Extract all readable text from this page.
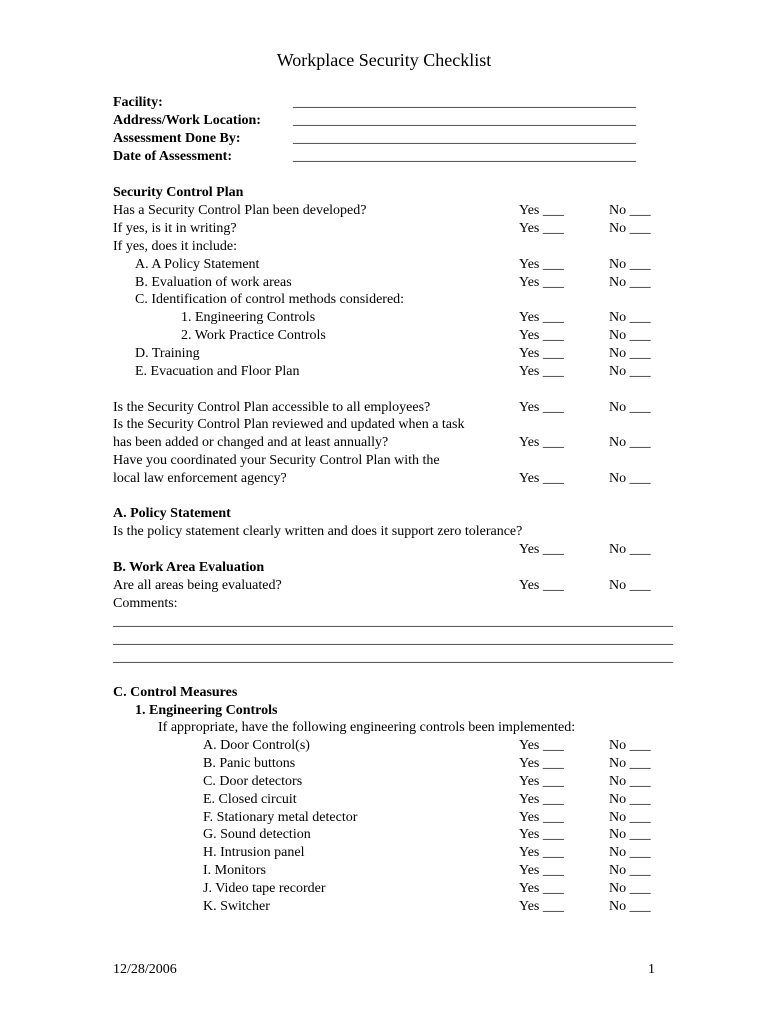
Workplace Security Checklist
Facility:	_________________________________________________
Address/Work Location: _________________________________________________
Assessment Done By:	_________________________________________________
Date of Assessment:	_________________________________________________
Security Control Plan
Has a Security Control Plan been developed?	Yes ___	No ___
If yes, is it in writing?	Yes ___	No ___
If yes, does it include:
A. A Policy Statement	Yes ___	No ___
B. Evaluation of work areas	Yes ___	No ___
C. Identification of control methods considered:
1. Engineering Controls	Yes ___	No ___
2. Work Practice Controls	Yes ___	No ___
D. Training	Yes ___	No ___
E. Evacuation and Floor Plan	Yes ___	No ___
Is the Security Control Plan accessible to all employees?	Yes ___	No ___
Is the Security Control Plan reviewed and updated when a task
has been added or changed and at least annually?	Yes ___	No ___
Have you coordinated your Security Control Plan with the
local law enforcement agency?	Yes ___	No ___
A. Policy Statement
Is the policy statement clearly written and does it support zero tolerance?
Yes ___	No ___
B. Work Area Evaluation
Are all areas being evaluated?	Yes ___	No ___
Comments:
________________________________________________________________________________
________________________________________________________________________________
________________________________________________________________________________
C. Control Measures
1. Engineering Controls
If appropriate, have the following engineering controls been implemented:
A. Door Control(s)	Yes ___	No ___
B. Panic buttons	Yes ___	No ___
C. Door detectors	Yes ___	No ___
E. Closed circuit	Yes ___	No ___
F. Stationary metal detector	Yes ___	No ___
G. Sound detection	Yes ___	No ___
H. Intrusion panel	Yes ___	No ___
I. Monitors	Yes ___	No ___
J. Video tape recorder	Yes ___	No ___
K. Switcher	Yes ___	No ___
12/28/2006	1
